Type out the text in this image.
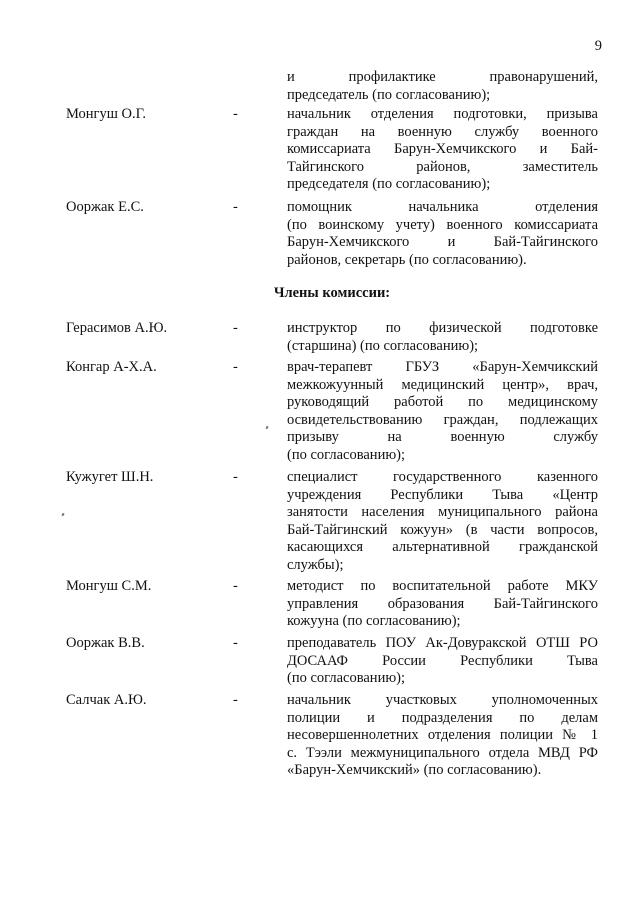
9
и профилактике правонарушений,
председатель (по согласованию);
Монгуш О.Г.	-	начальник отделения подготовки, призыва
граждан на военную службу военного
комиссариата Барун-Хемчикского и Бай-
Тайгинского районов, заместитель
председателя (по согласованию);
Ооржак Е.С.	-	помощник начальника отделения
(по воинскому учету) военного комиссариата
Барун-Хемчикского и Бай-Тайгинского
районов, секретарь (по согласованию).
Члены комиссии:
Герасимов А.Ю.	-	инструктор по физической подготовке
(старшина) (по согласованию);
Конгар А-Х.А.	-	врач-терапевт ГБУЗ «Барун-Хемчикский
межкожуунный медицинский центр», врач,
руководящий работой по медицинскому
освидетельствованию граждан, подлежащих
призыву на военную службу
(по согласованию);
Кужугет Ш.Н.	-	специалист государственного казенного
учреждения Республики Тыва «Центр
занятости населения муниципального района
Бай-Тайгинский кожуун» (в части вопросов,
касающихся альтернативной гражданской
службы);
Монгуш С.М.	-	методист по воспитательной работе МКУ
управления образования Бай-Тайгинского
кожууна (по согласованию);
Ооржак В.В.	-	преподаватель ПОУ Ак-Довуракской ОТШ РО
ДОСААФ России Республики Тыва
(по согласованию);
Салчак А.Ю.	-	начальник участковых уполномоченных
полиции и подразделения по делам
несовершеннолетних отделения полиции № 1
с. Тээли межмуниципального отдела МВД РФ
«Барун-Хемчикский» (по согласованию).
